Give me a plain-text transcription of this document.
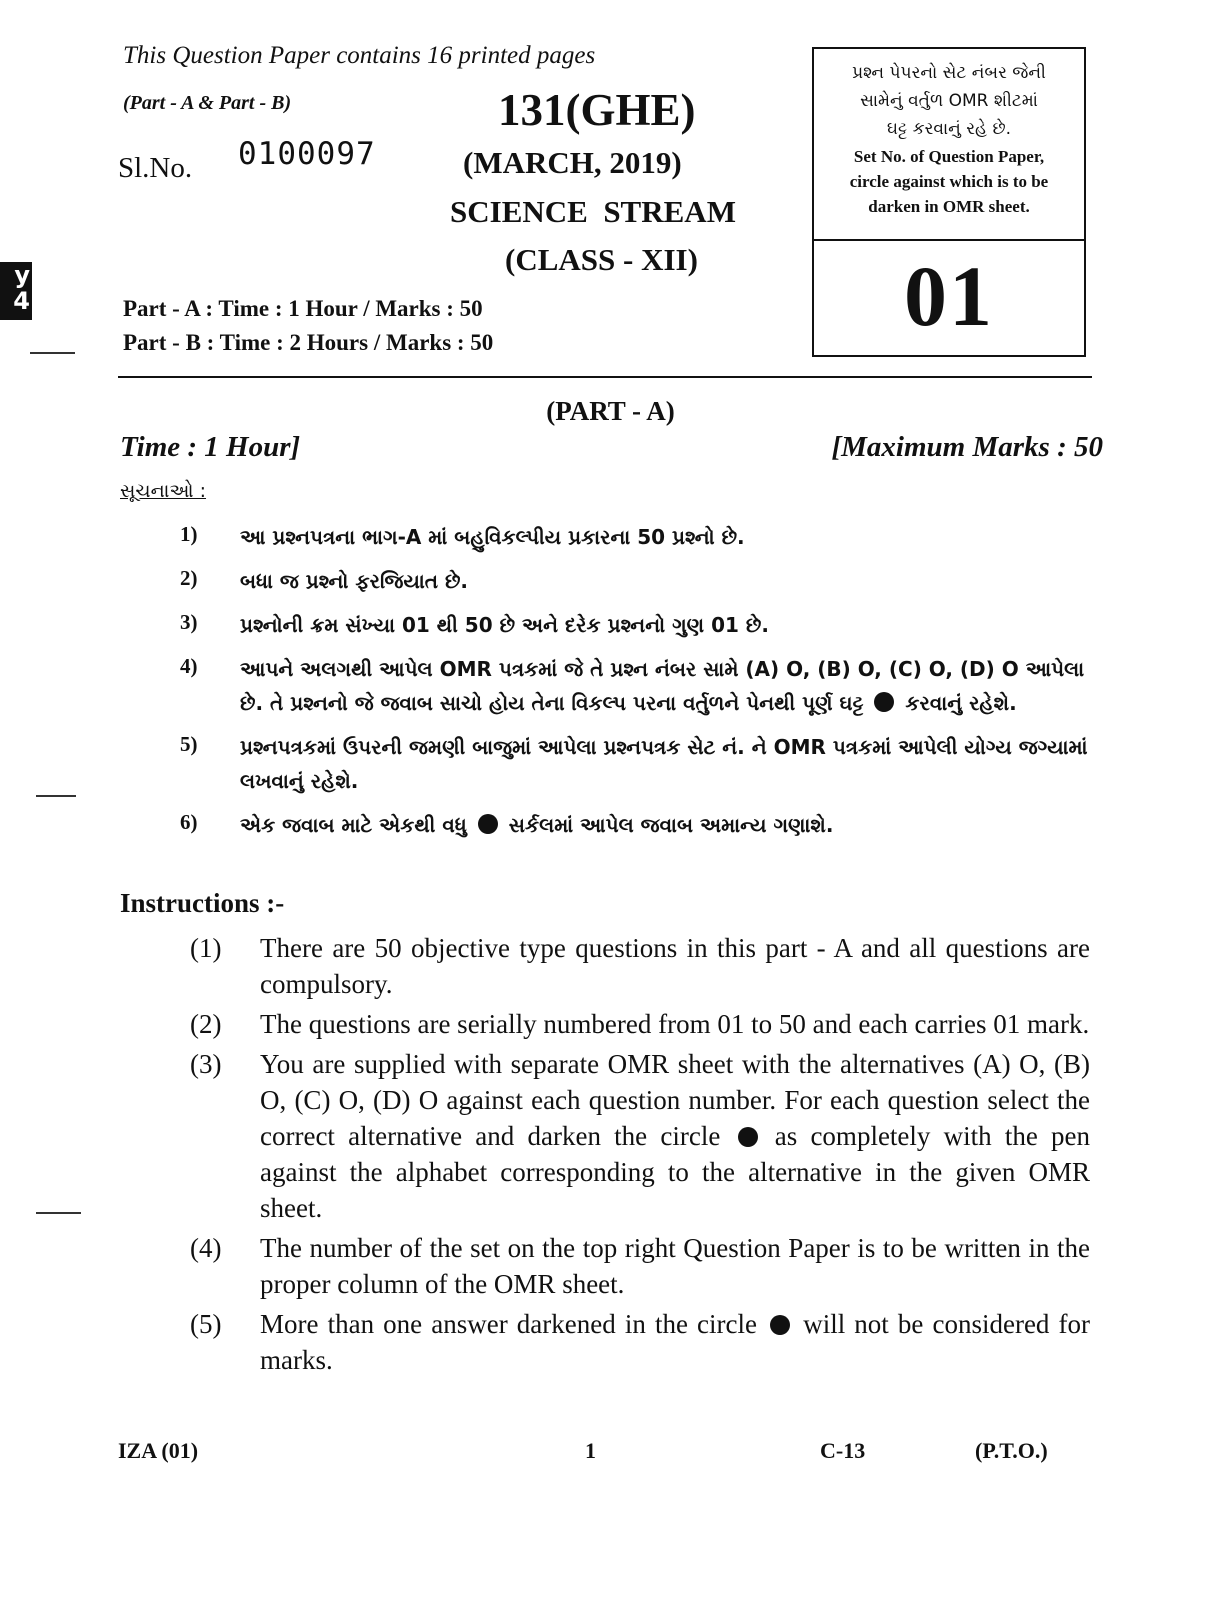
This Question Paper contains 16 printed pages
(Part - A & Part - B)
Sl.No. 0100097
131(GHE)
(MARCH, 2019)
SCIENCE  STREAM
(CLASS - XII)
Part - A : Time : 1 Hour / Marks : 50
Part - B : Time : 2 Hours / Marks : 50
પ્રશ્ન પેપરનો સેટ નંબર જેની
સામેનું વર્તુળ OMR શીટમાં
ઘટ્ટ કરવાનું રહે છે.
Set No. of Question Paper,
circle against which is to be
darken in OMR sheet.
01
y
4
(PART - A)
Time : 1 Hour]	[Maximum Marks : 50
સૂચનાઓ :
1)	આ પ્રશ્નપત્રના ભાગ-A માં બહુવિકલ્પીય પ્રકારના 50 પ્રશ્નો છે.
2)	બધા જ પ્રશ્નો ફરજિયાત છે.
3)	પ્રશ્નોની ક્રમ સંખ્યા 01 થી 50 છે અને દરેક પ્રશ્નનો ગુણ 01 છે.
4)	આપને અલગથી આપેલ OMR પત્રકમાં જે તે પ્રશ્ન નંબર સામે (A) O, (B) O, (C) O, (D) O આપેલા છે. તે પ્રશ્નનો જે જવાબ સાચો હોય તેના વિકલ્પ પરના વર્તુળને પેનથી પૂર્ણ ઘટ્ટ કરવાનું રહેશે.
5)	પ્રશ્નપત્રકમાં ઉપરની જમણી બાજુમાં આપેલા પ્રશ્નપત્રક સેટ નં. ને OMR પત્રકમાં આપેલી યોગ્ય જગ્યામાં લખવાનું રહેશે.
6)	એક જવાબ માટે એકથી વધુ સર્કલમાં આપેલ જવાબ અમાન્ય ગણાશે.
Instructions :-
(1)	There are 50 objective type questions in this part - A and all questions are compulsory.
(2)	The questions are serially numbered from 01 to 50 and each carries 01 mark.
(3)	You are supplied with separate OMR sheet with the alternatives (A) O, (B) O, (C) O, (D) O against each question number. For each question select the correct alternative and darken the circle as completely with the pen against the alphabet corresponding to the alternative in the given OMR sheet.
(4)	The number of the set on the top right Question Paper is to be written in the proper column of the OMR sheet.
(5)	More than one answer darkened in the circle will not be considered for marks.
IZA (01)	1	C-13	(P.T.O.)
